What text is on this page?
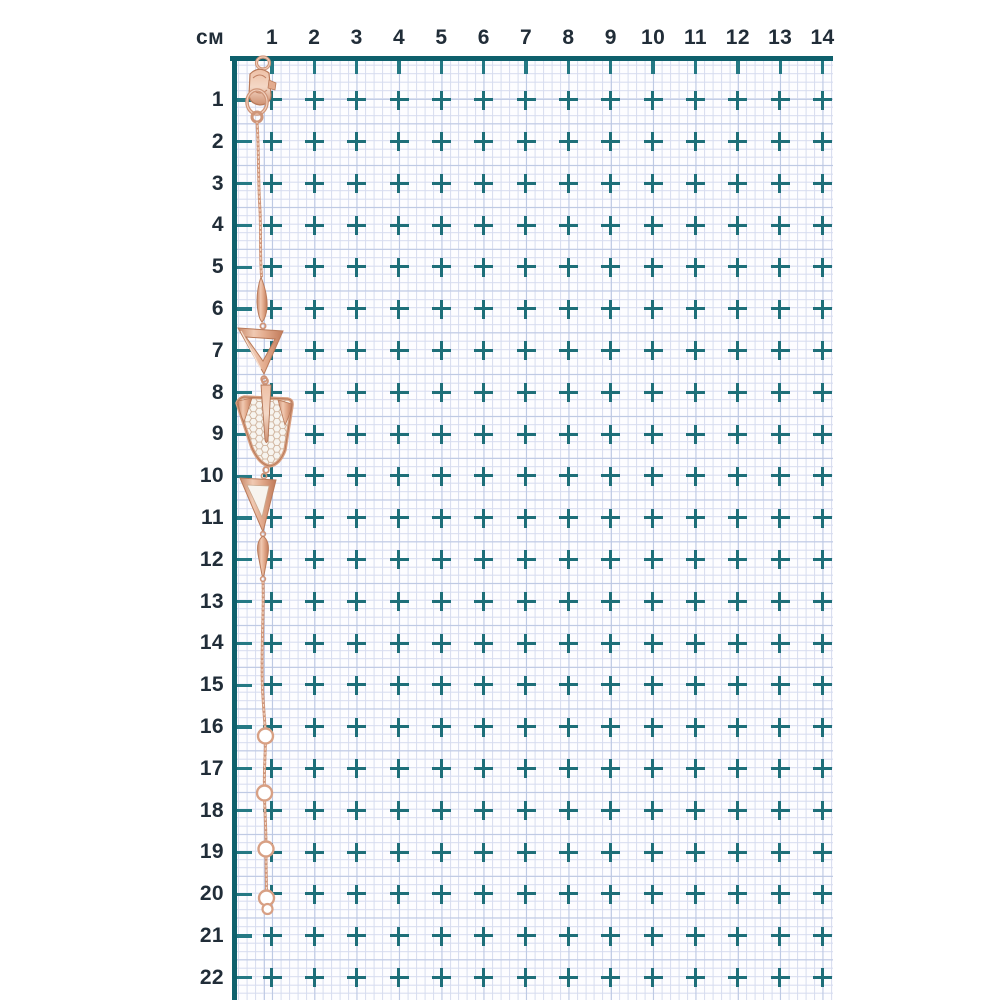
см	1	2	3	4	5	6	7	8	9	10 11 12 13 14
1
2
3
4
5
6
7
8
9
10
11
12
13
14
15
16
17
18
19
20
21
22
